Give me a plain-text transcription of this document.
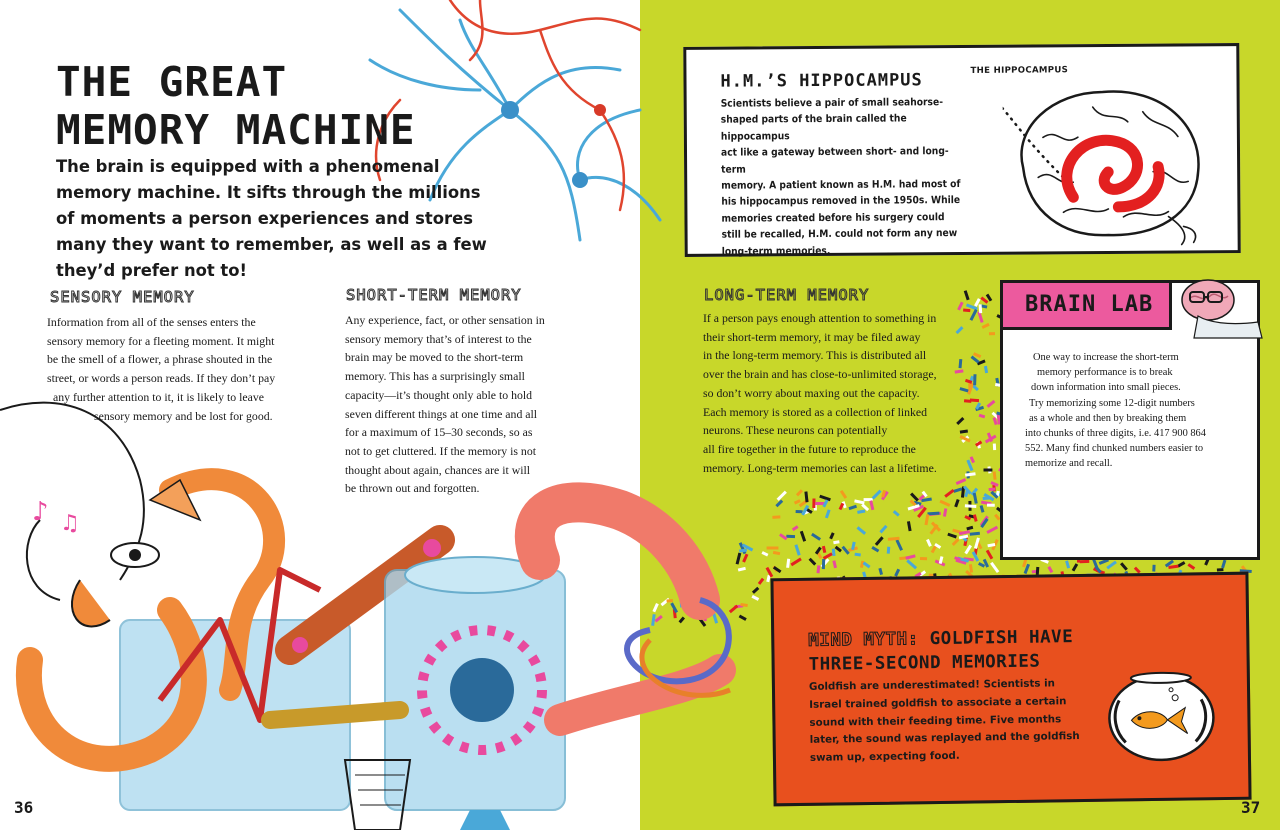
THE GREAT
MEMORY MACHINE

The brain is equipped with a phenomenal memory machine. It sifts through the millions of moments a person experiences and stores many they want to remember, as well as a few they’d prefer not to!

SENSORY MEMORY
Information from all of the senses enters the
sensory memory for a fleeting moment. It might
be the smell of a flower, a phrase shouted in the
street, or words a person reads. If they don’t pay
any further attention to it, it is likely to leave
sensory memory and be lost for good.
SHORT-TERM MEMORY
Any experience, fact, or other sensation in
sensory memory that’s of interest to the
brain may be moved to the short-term
memory. This has a surprisingly small
capacity—it’s thought only able to hold
seven different things at one time and all
for a maximum of 15–30 seconds, so as
not to get cluttered. If the memory is not
thought about again, chances are it will
be thrown out and forgotten.
LONG-TERM MEMORY
If a person pays enough attention to something in
their short-term memory, it may be filed away
in the long-term memory. This is distributed all
over the brain and has close-to-unlimited storage,
so don’t worry about maxing out the capacity.
Each memory is stored as a collection of linked
neurons. These neurons can potentially
all fire together in the future to reproduce the
memory. Long-term memories can last a lifetime.
H.M.’S HIPPOCAMPUS
Scientists believe a pair of small seahorse-
shaped parts of the brain called the hippocampus
act like a gateway between short- and long-term
memory. A patient known as H.M. had most of
his hippocampus removed in the 1950s. While
memories created before his surgery could
still be recalled, H.M. could not form any new
long-term memories.
THE HIPPOCAMPUS
BRAIN LAB
One way to increase the short-term
memory performance is to break
down information into small pieces.
Try memorizing some 12-digit numbers
as a whole and then by breaking them
into chunks of three digits, i.e. 417 900 864
552. Many find chunked numbers easier to
memorize and recall.
MIND MYTH: GOLDFISH HAVE
THREE-SECOND MEMORIES
Goldfish are underestimated! Scientists in
Israel trained goldfish to associate a certain
sound with their feeding time. Five months
later, the sound was replayed and the goldfish
swam up, expecting food.
♪ ♫
36	37
